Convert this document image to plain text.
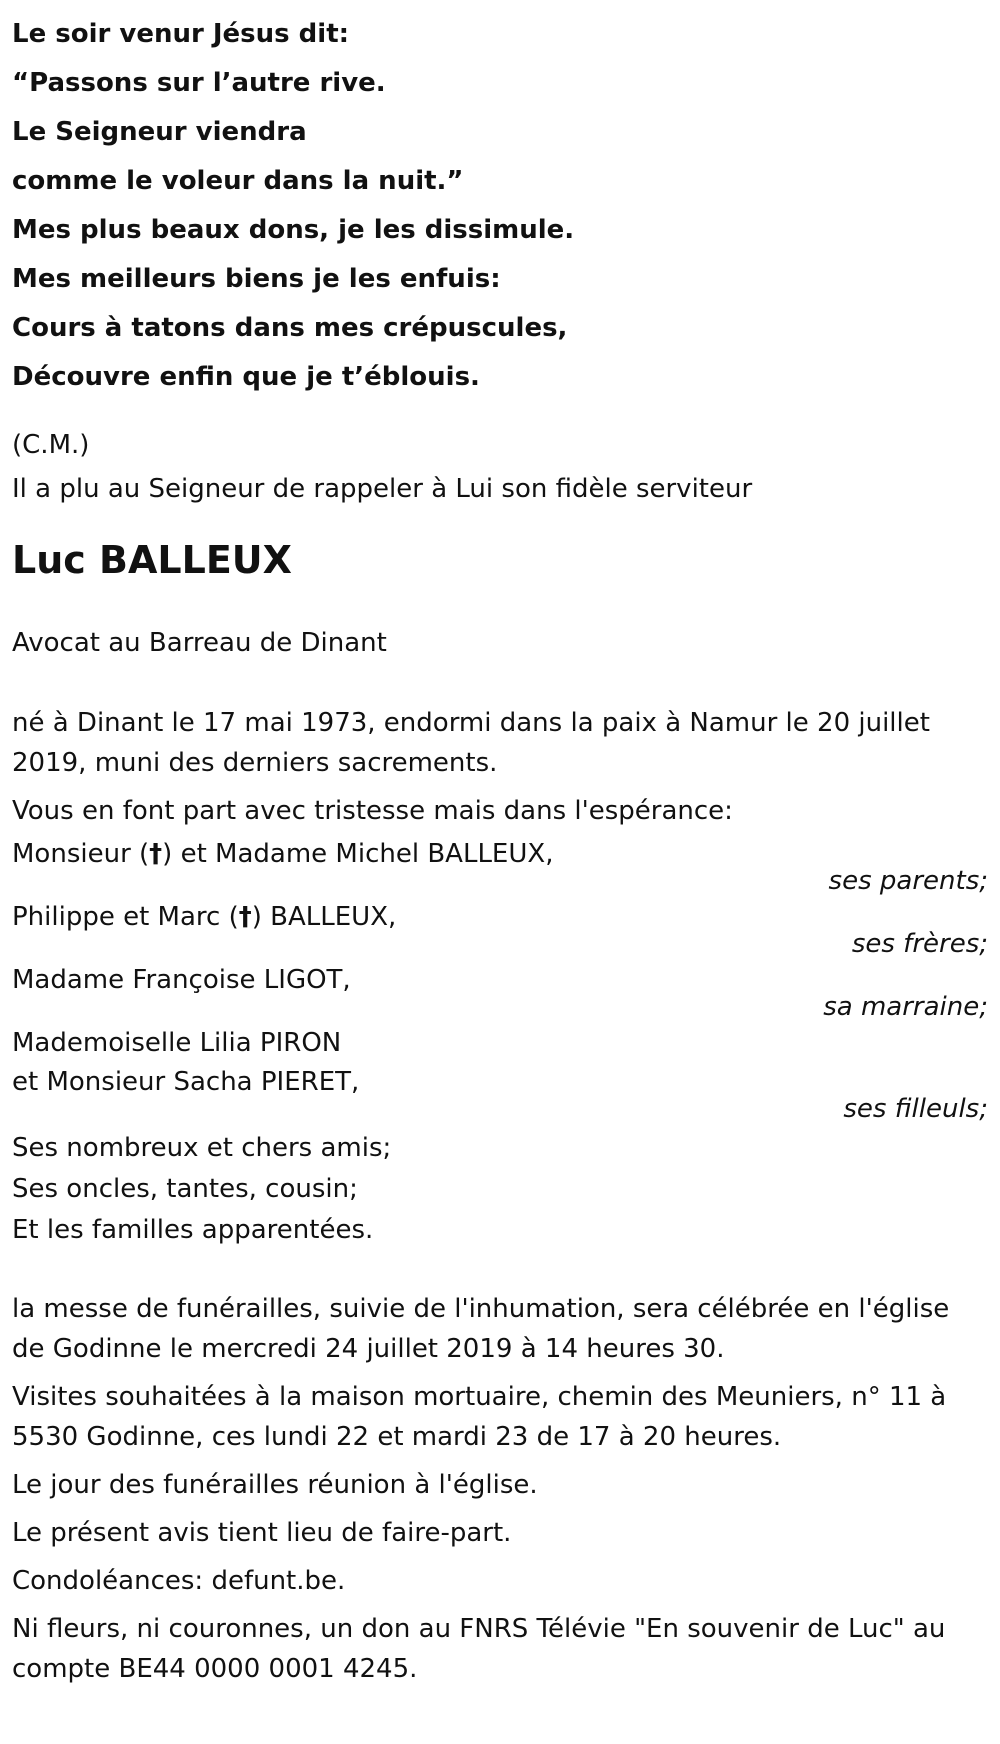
Le soir venur Jésus dit:
“Passons sur l’autre rive.
Le Seigneur viendra
comme le voleur dans la nuit.”
Mes plus beaux dons, je les dissimule.
Mes meilleurs biens je les enfuis:
Cours à tatons dans mes crépuscules,
Découvre enfin que je t’éblouis.

(C.M.)

Il a plu au Seigneur de rappeler à Lui son fidèle serviteur

Luc BALLEUX

Avocat au Barreau de Dinant

né à Dinant le 17 mai 1973, endormi dans la paix à Namur le 20 juillet 2019, muni des derniers sacrements.

Vous en font part avec tristesse mais dans l'espérance:

Monsieur (†) et Madame Michel BALLEUX,

ses parents;

Philippe et Marc (†) BALLEUX,

ses frères;

Madame Françoise LIGOT,

sa marraine;

Mademoiselle Lilia PIRON

et Monsieur Sacha PIERET,

ses filleuls;

Ses nombreux et chers amis;

Ses oncles, tantes, cousin;

Et les familles apparentées.

la messe de funérailles, suivie de l'inhumation, sera célébrée en l'église de Godinne le mercredi 24 juillet 2019 à 14 heures 30.

Visites souhaitées à la maison mortuaire, chemin des Meuniers, n° 11 à 5530 Godinne, ces lundi 22 et mardi 23 de 17 à 20 heures.

Le jour des funérailles réunion à l'église.

Le présent avis tient lieu de faire-part.

Condoléances: defunt.be.

Ni fleurs, ni couronnes, un don au FNRS Télévie "En souvenir de Luc" au compte BE44 0000 0001 4245.
